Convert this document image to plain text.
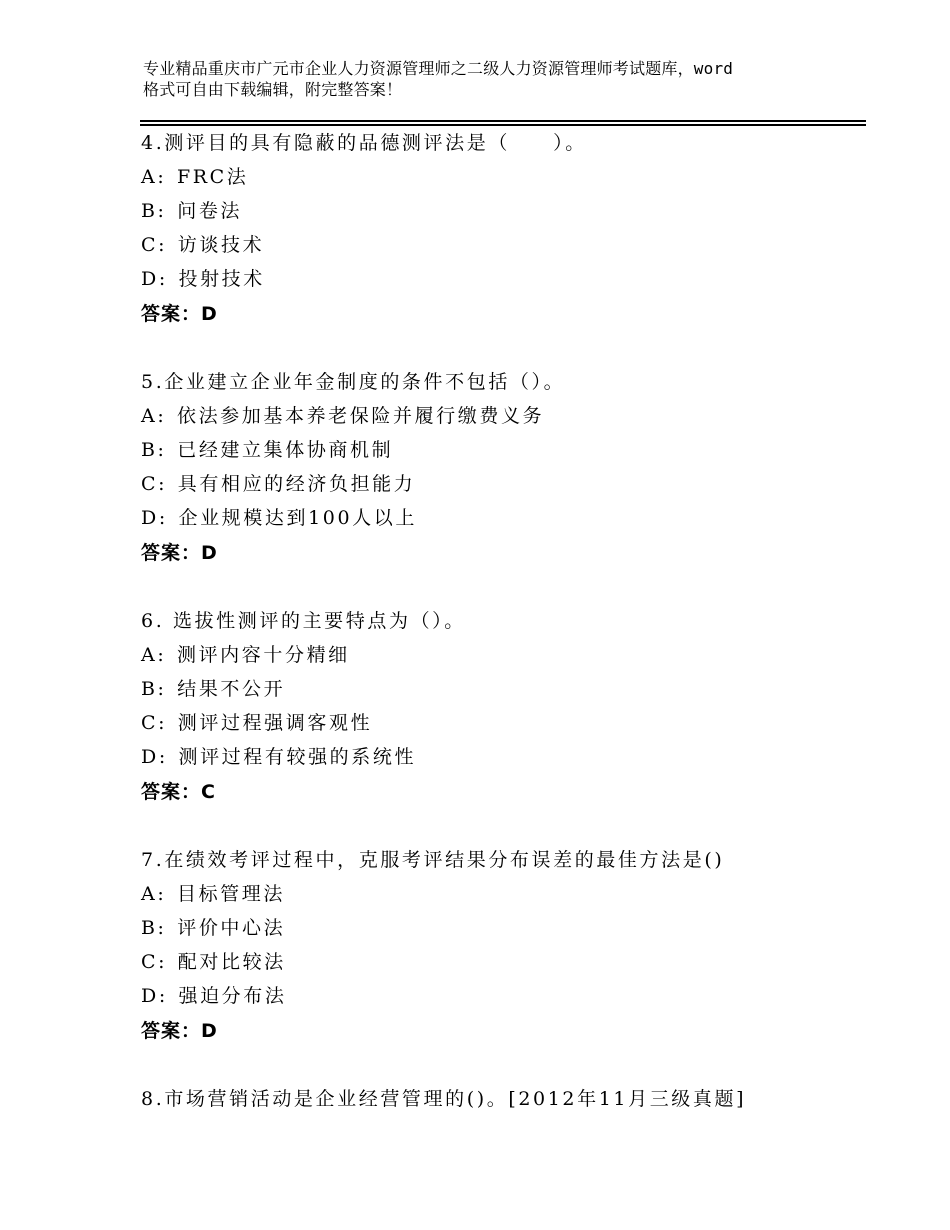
专业精品重庆市广元市企业人力资源管理师之二级人力资源管理师考试题库，word
格式可自由下载编辑，附完整答案！
4.测评目的具有隐蔽的品德测评法是（　　）。
A: FRC法
B: 问卷法
C: 访谈技术
D: 投射技术
答案：D
5.企业建立企业年金制度的条件不包括（）。
A: 依法参加基本养老保险并履行缴费义务
B: 已经建立集体协商机制
C: 具有相应的经济负担能力
D: 企业规模达到100人以上
答案：D
6. 选拔性测评的主要特点为（）。
A: 测评内容十分精细
B: 结果不公开
C: 测评过程强调客观性
D: 测评过程有较强的系统性
答案：C
7.在绩效考评过程中，克服考评结果分布误差的最佳方法是()
A: 目标管理法
B: 评价中心法
C: 配对比较法
D: 强迫分布法
答案：D
8.市场营销活动是企业经营管理的()。[2012年11月三级真题]
